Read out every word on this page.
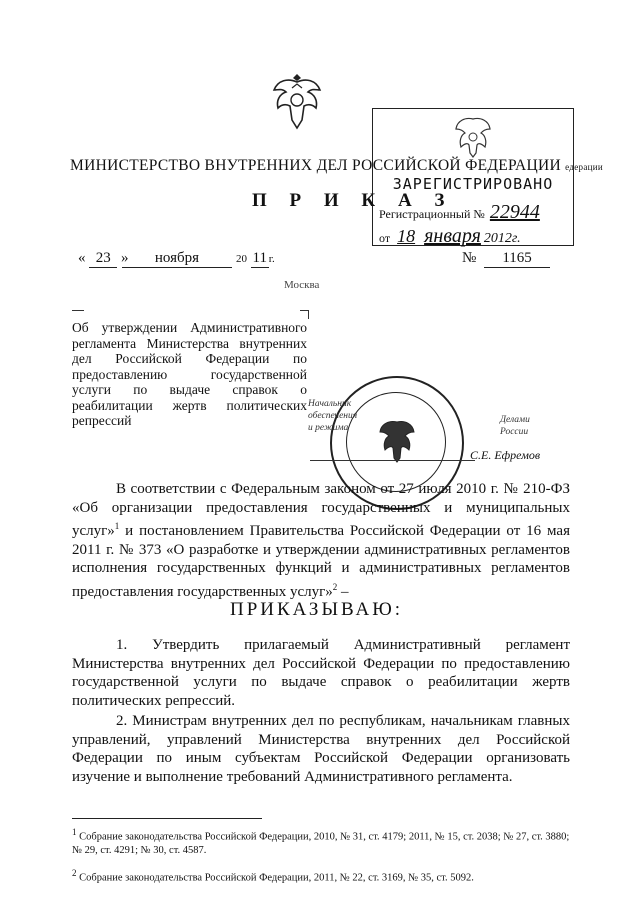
МИНИСТЕРСТВО ВНУТРЕННИХ ДЕЛ РОССИЙСКОЙ ФЕДЕРАЦИИ едерации
ЗАРЕГИСТРИРОВАНО
Регистрационный № 22944
от 18 января 2012г.
П Р И К А З
« 23 »	ноября	20 11 г.	№ 1165
Москва
Об утверждении Административного регламента Министерства внутренних дел Российской Федерации по предоставлению государственной услуги по выдаче справок о реабилитации жертв политических репрессий
Начальник
обеспечения
и режима
Делами
России
С.Е. Ефремов
В соответствии с Федеральным законом от 27 июля 2010 г. № 210-ФЗ «Об организации предоставления государственных и муниципальных услуг»$^1$ и постановлением Правительства Российской Федерации от 16 мая 2011 г. № 373 «О разработке и утверждении административных регламентов исполнения государственных функций и административных регламентов предоставления государственных услуг»$^2$ –
ПРИКАЗЫВАЮ:
1. Утвердить прилагаемый Административный регламент Министерства внутренних дел Российской Федерации по предоставлению государственной услуги по выдаче справок о реабилитации жертв политических репрессий.
2. Министрам внутренних дел по республикам, начальникам главных управлений, управлений Министерства внутренних дел Российской Федерации по иным субъектам Российской Федерации организовать изучение и выполнение требований Административного регламента.
$^1$ Собрание законодательства Российской Федерации, 2010, № 31, ст. 4179; 2011, № 15, ст. 2038; № 27, ст. 3880; № 29, ст. 4291; № 30, ст. 4587.
$^2$ Собрание законодательства Российской Федерации, 2011, № 22, ст. 3169, № 35, ст. 5092.
